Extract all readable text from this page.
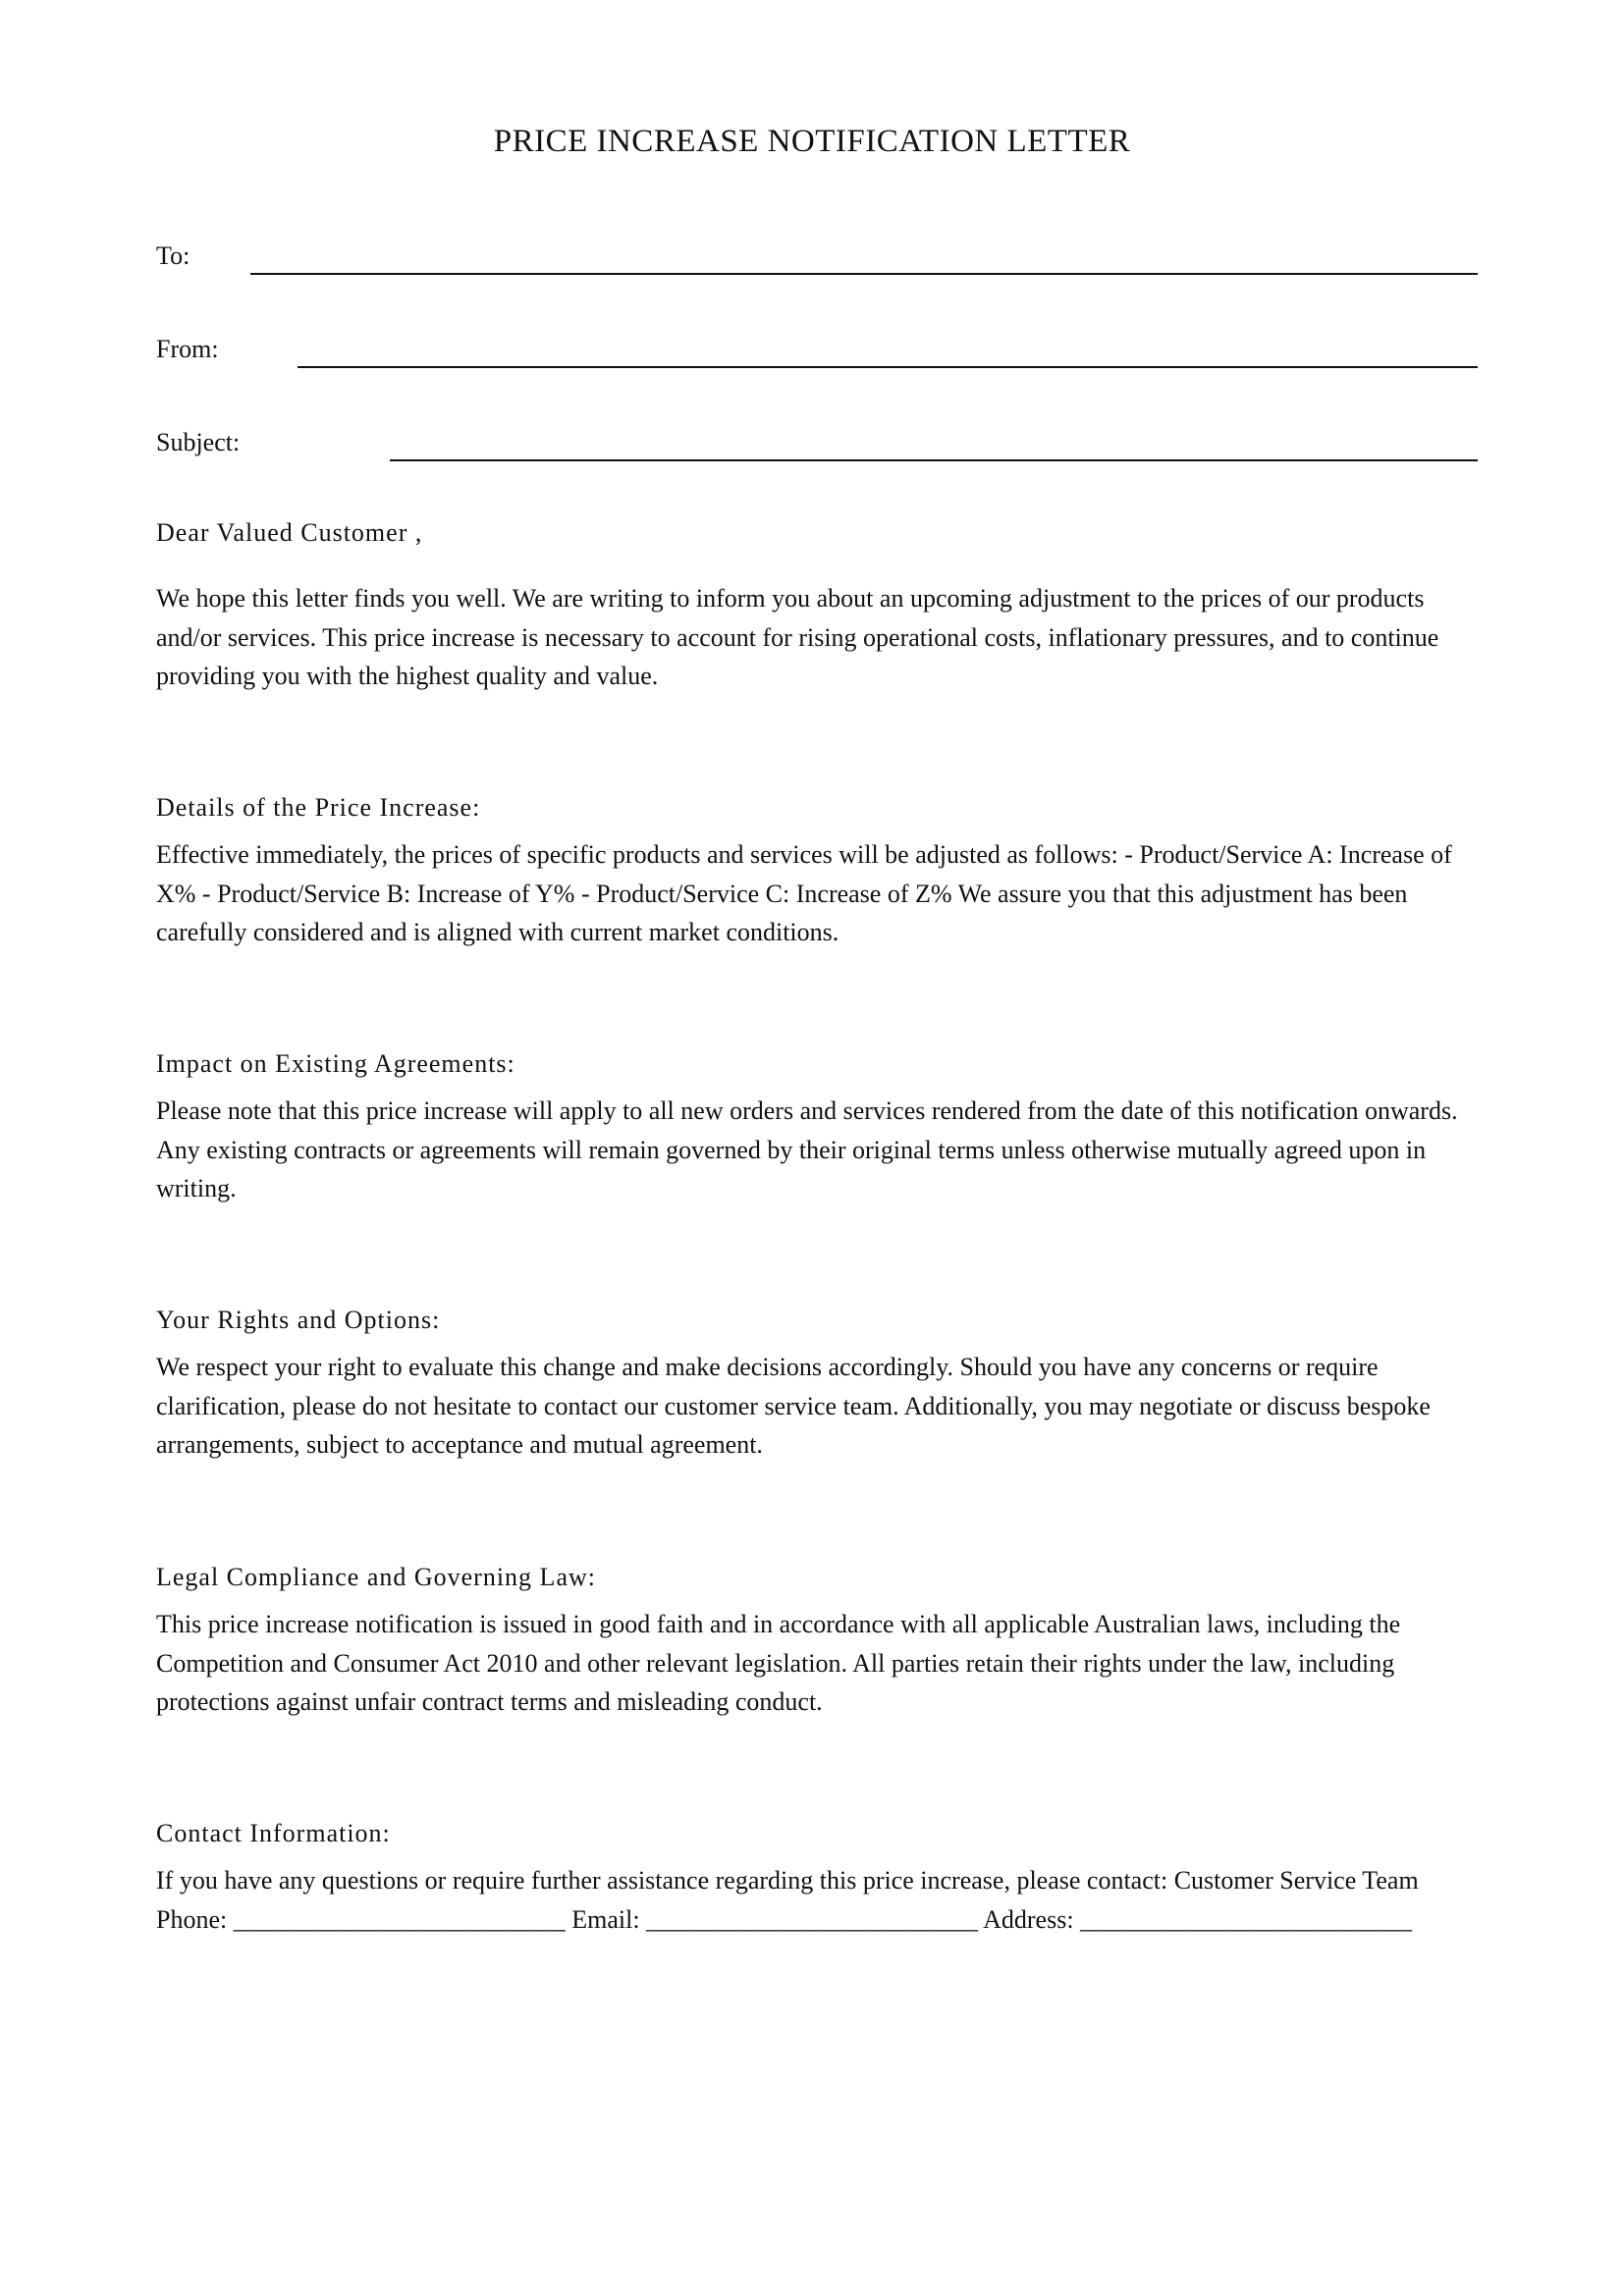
PRICE INCREASE NOTIFICATION LETTER
To:
From:
Subject:

Dear Valued Customer ,

We hope this letter finds you well. We are writing to inform you about an upcoming adjustment to the prices of our products and/or services. This price increase is necessary to account for rising operational costs, inflationary pressures, and to continue providing you with the highest quality and value.

Details of the Price Increase:

Effective immediately, the prices of specific products and services will be adjusted as follows: - Product/Service A: Increase of X% - Product/Service B: Increase of Y% - Product/Service C: Increase of Z% We assure you that this adjustment has been carefully considered and is aligned with current market conditions.

Impact on Existing Agreements:

Please note that this price increase will apply to all new orders and services rendered from the date of this notification onwards. Any existing contracts or agreements will remain governed by their original terms unless otherwise mutually agreed upon in writing.

Your Rights and Options:

We respect your right to evaluate this change and make decisions accordingly. Should you have any concerns or require clarification, please do not hesitate to contact our customer service team. Additionally, you may negotiate or discuss bespoke arrangements, subject to acceptance and mutual agreement.

Legal Compliance and Governing Law:

This price increase notification is issued in good faith and in accordance with all applicable Australian laws, including the Competition and Consumer Act 2010 and other relevant legislation. All parties retain their rights under the law, including protections against unfair contract terms and misleading conduct.

Contact Information:

If you have any questions or require further assistance regarding this price increase, please contact: Customer Service Team Phone: __________________________ Email: __________________________ Address: __________________________
